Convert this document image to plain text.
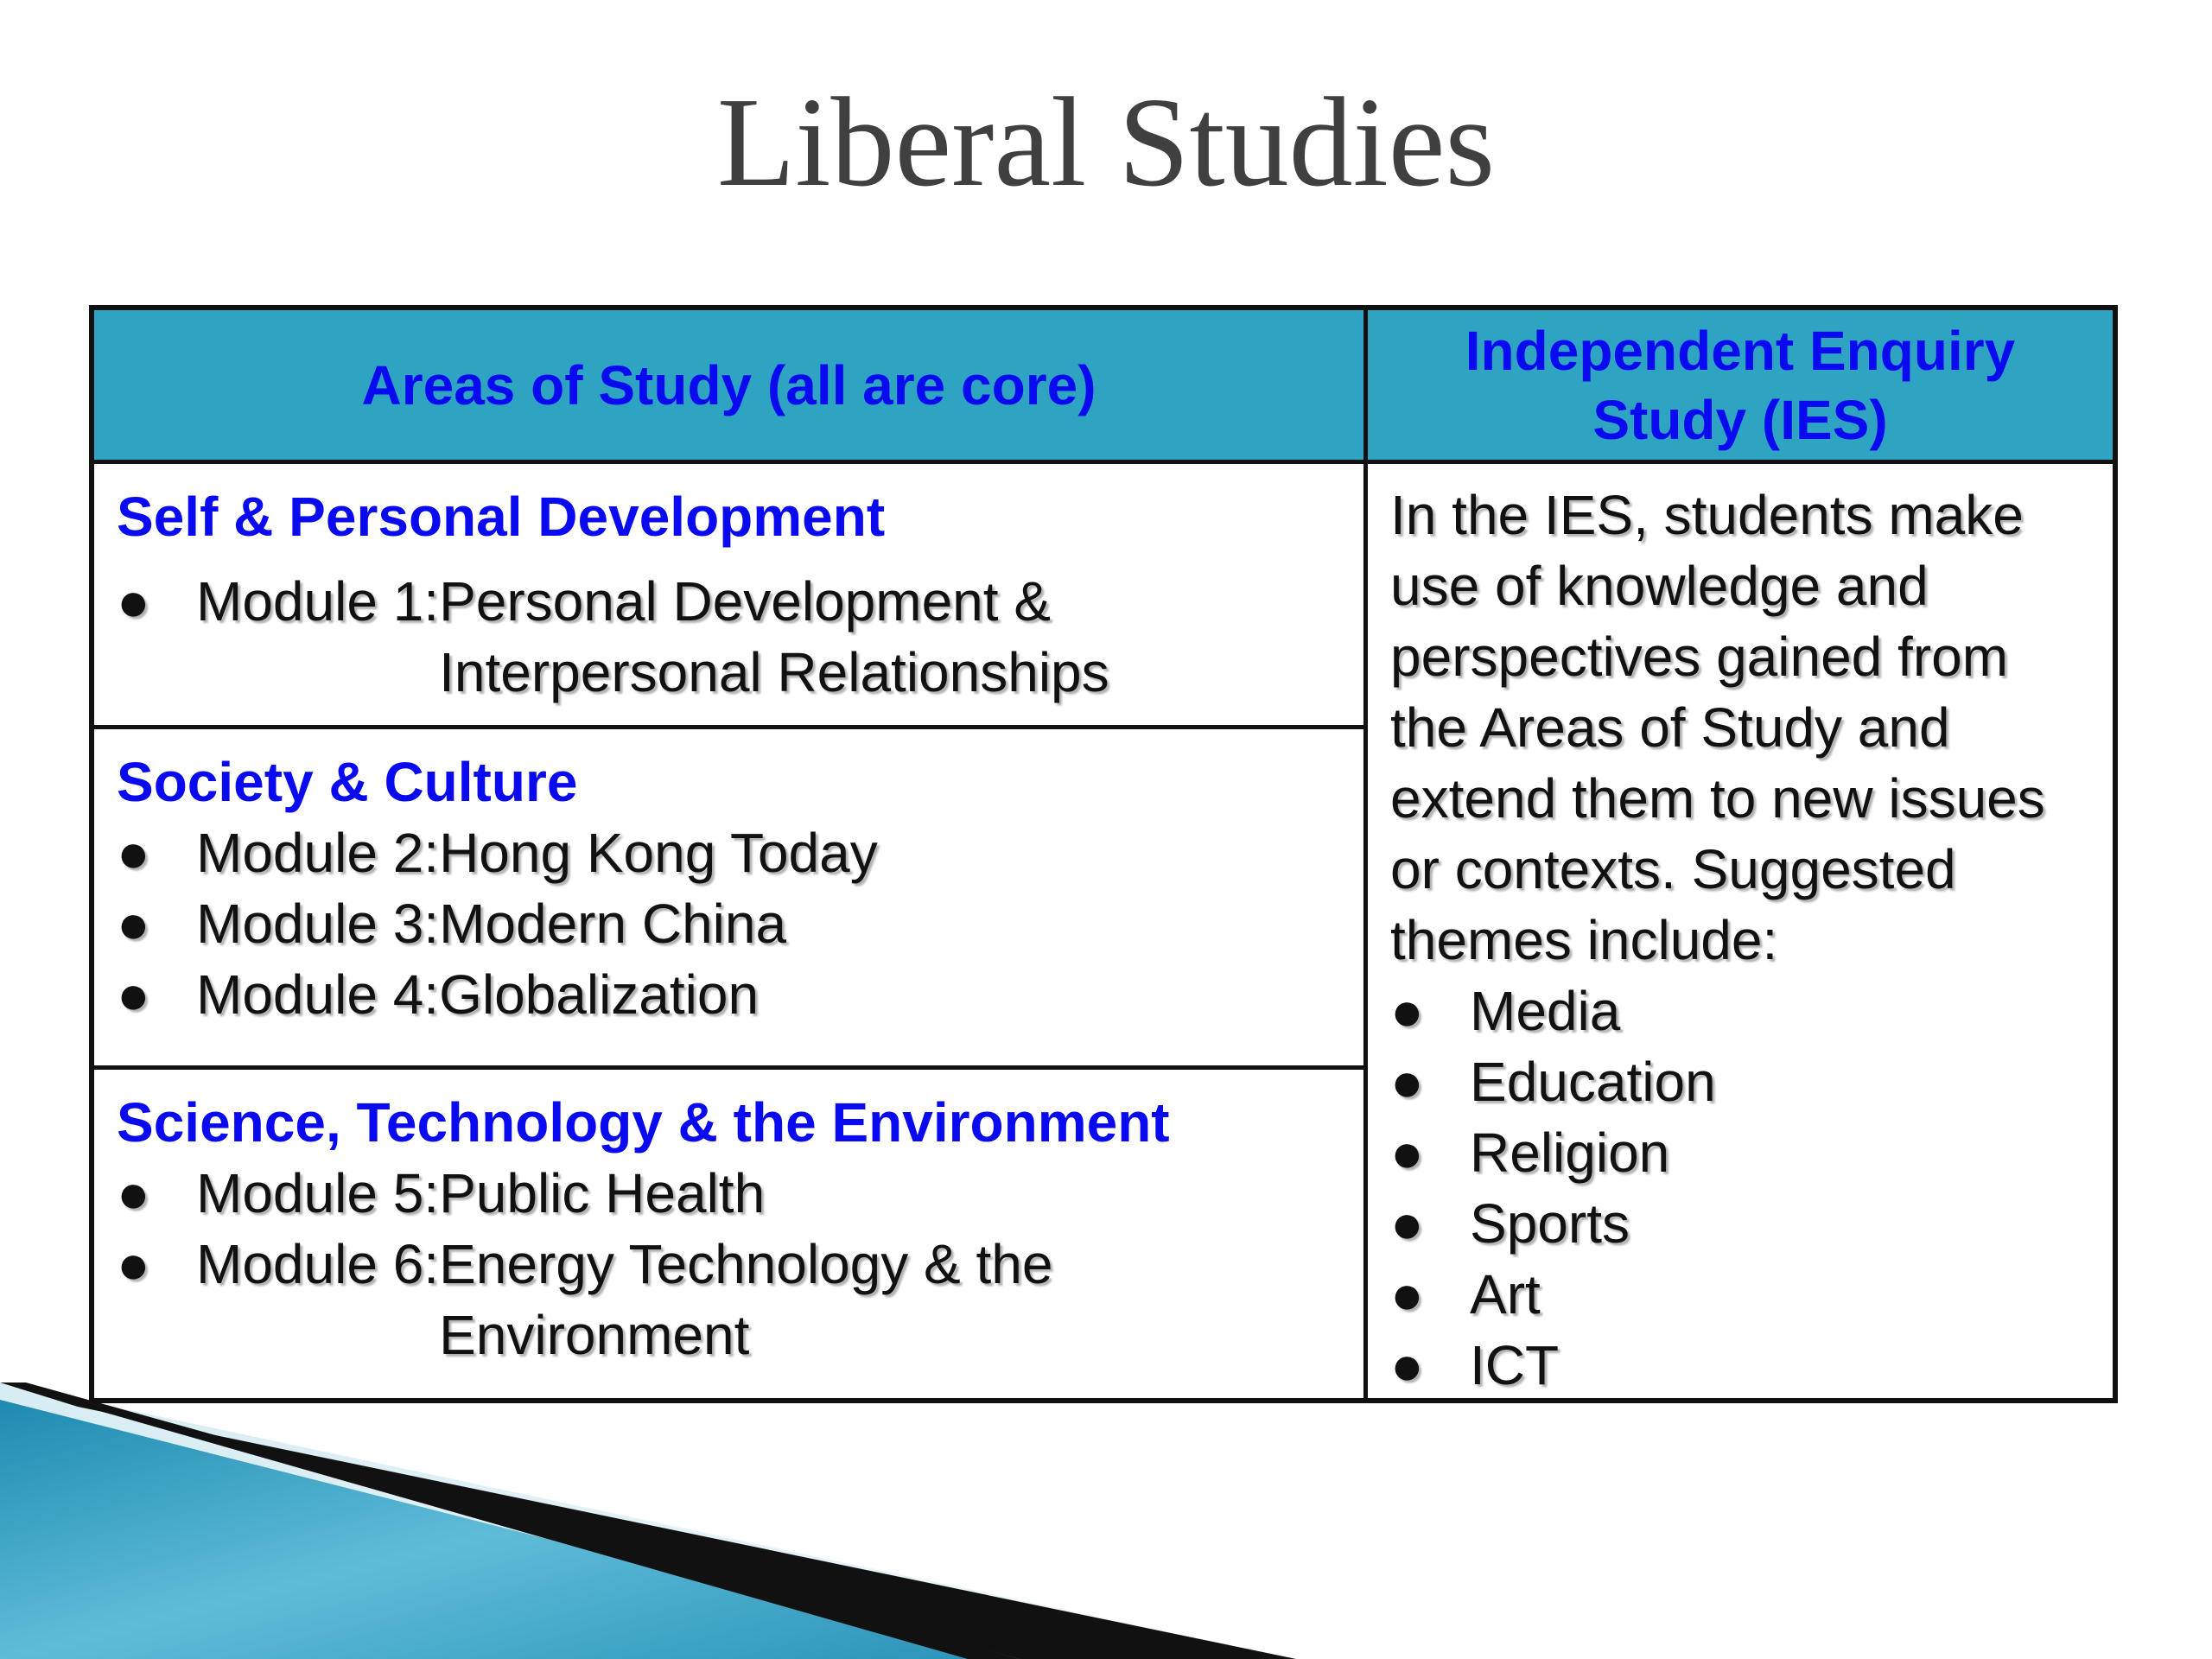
Liberal Studies
Areas of Study (all are core)
Independent Enquiry
Study (IES)
Self & Personal Development
● Module 1: Personal Development &
Interpersonal Relationships
In the IES, students make
use of knowledge and
perspectives gained from
the Areas of Study and
extend them to new issues
or contexts. Suggested
themes include:
● Media
● Education
● Religion
● Sports
● Art
● ICT
Society & Culture
● Module 2: Hong Kong Today
● Module 3: Modern China
● Module 4: Globalization
Science, Technology & the Environment
● Module 5: Public Health
● Module 6: Energy Technology & the
Environment
